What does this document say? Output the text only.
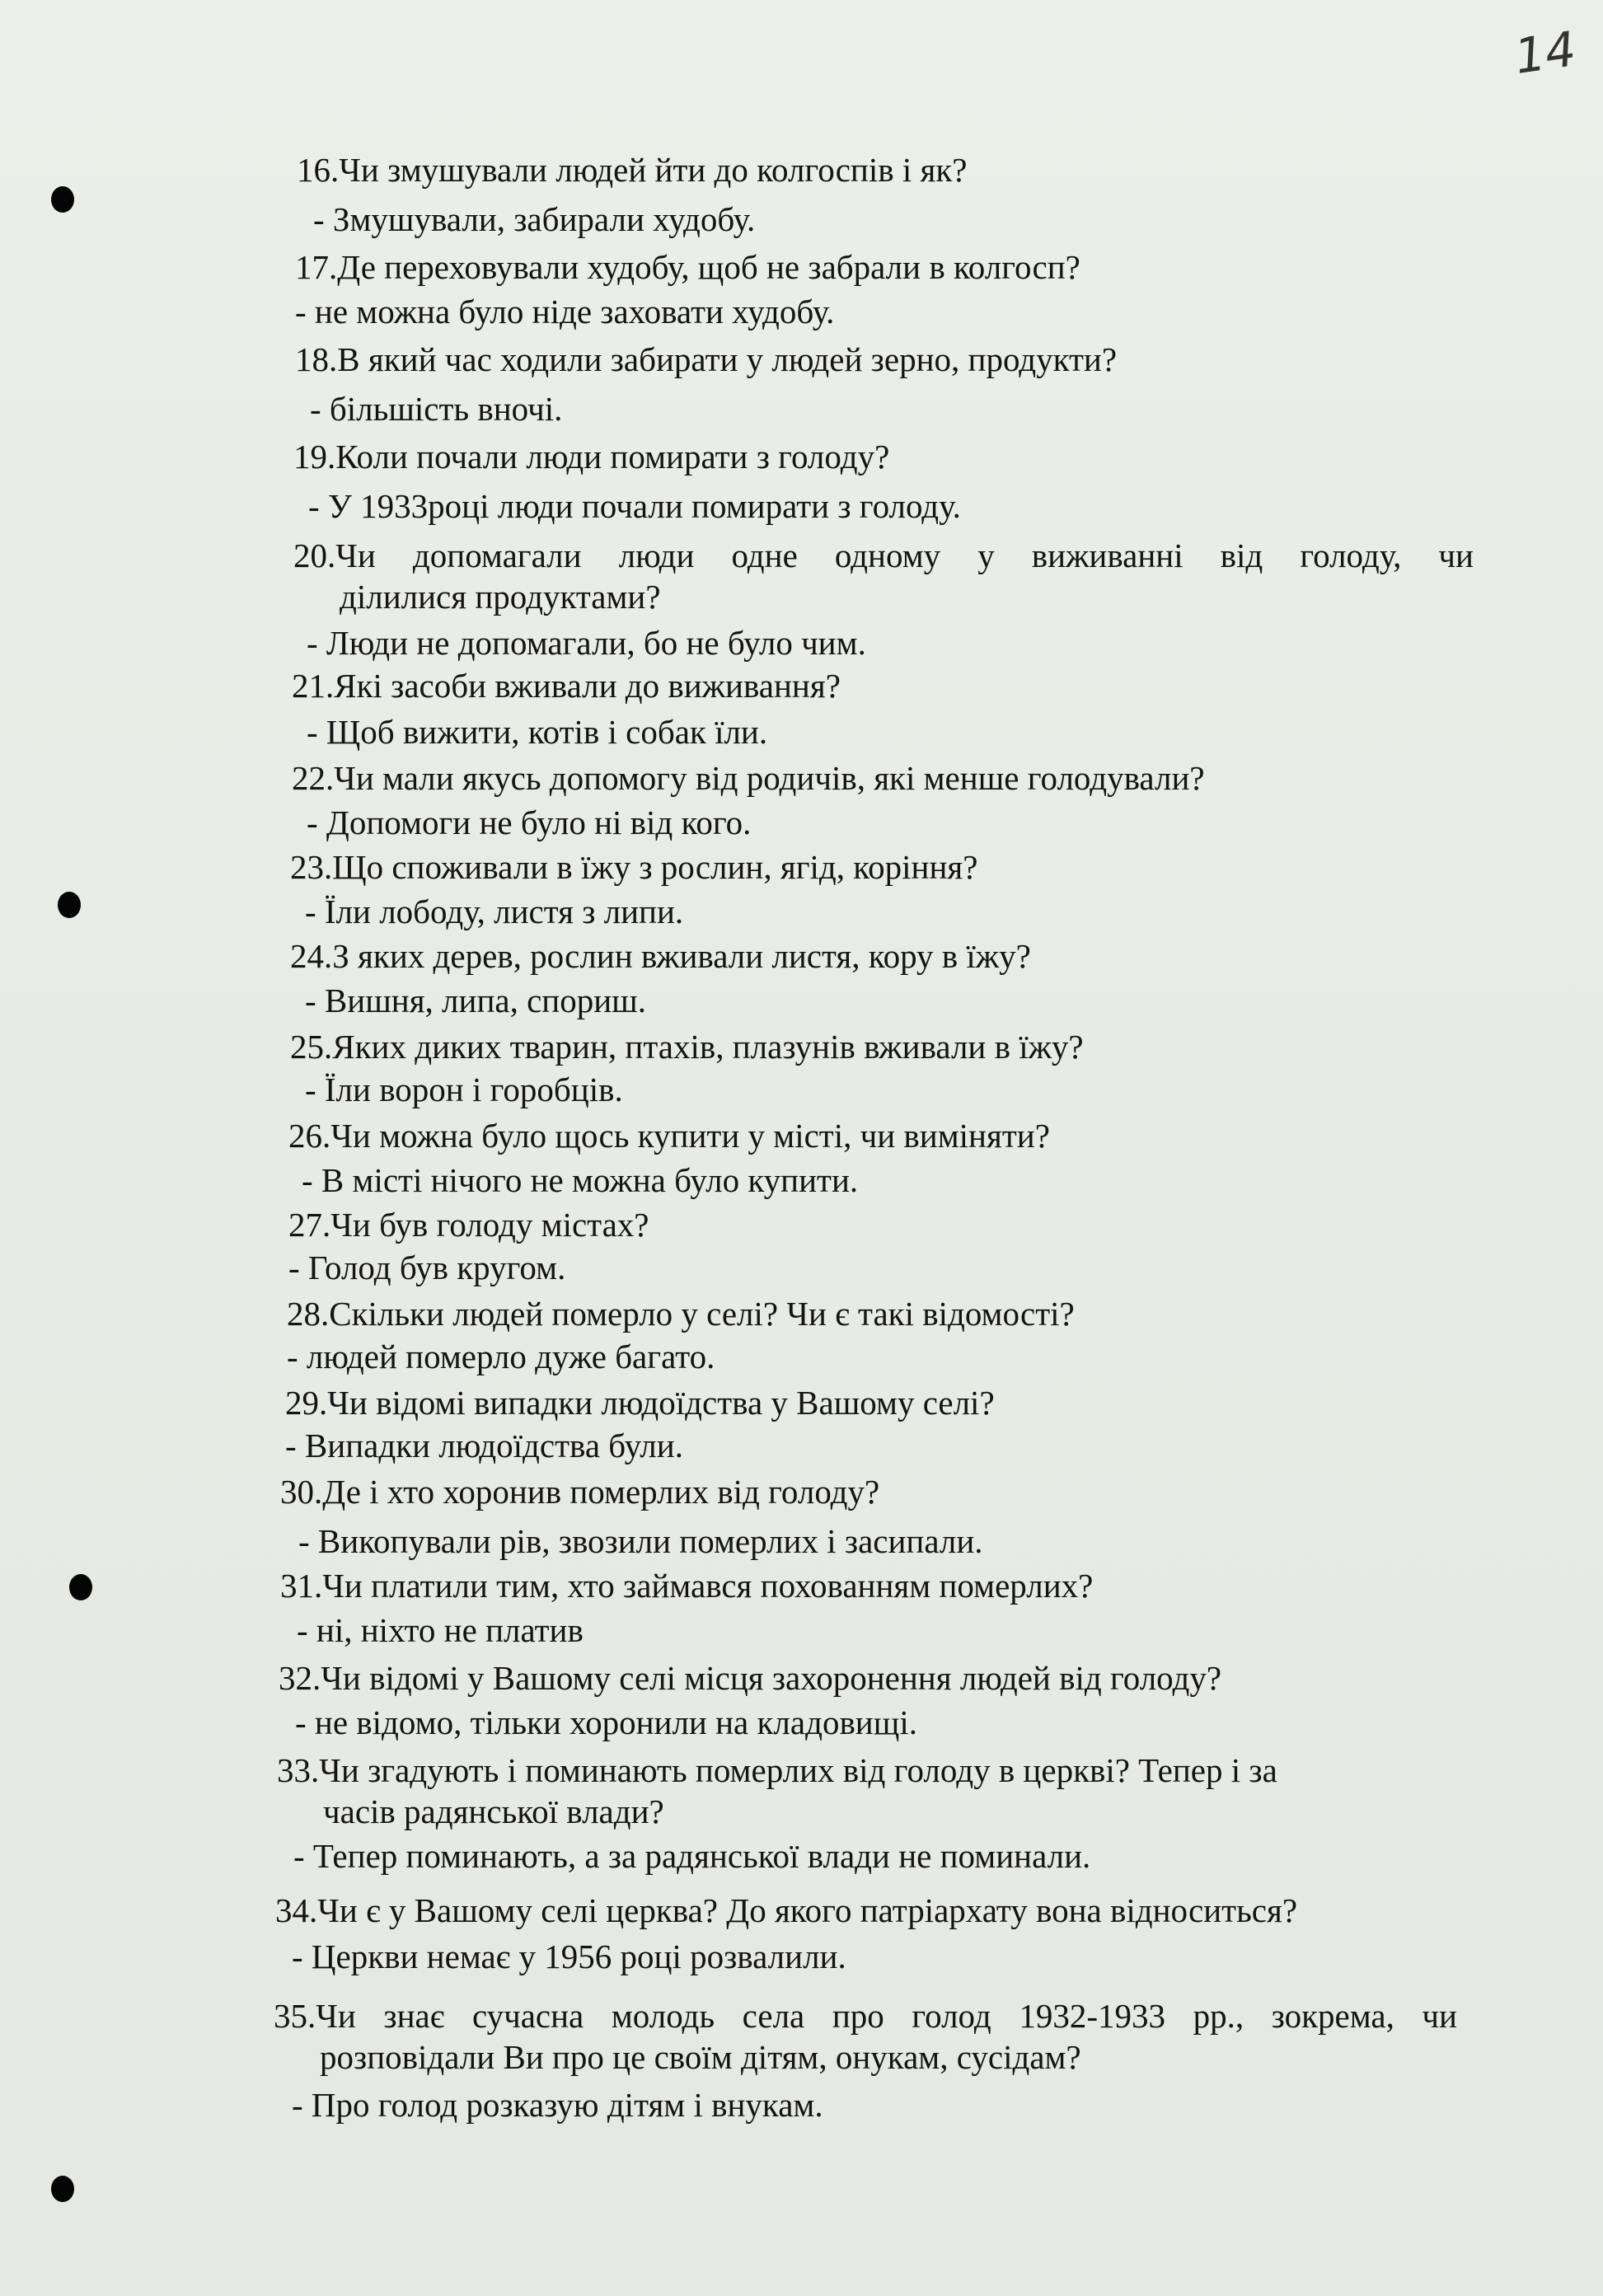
14
16.Чи змушували людей йти до колгоспів і як?
- Змушували, забирали худобу.
17.Де переховували худобу, щоб не забрали в колгосп?
- не можна було ніде заховати худобу.
18.В який час ходили забирати у людей зерно, продукти?
- більшість вночі.
19.Коли почали люди помирати з голоду?
- У 1933році люди почали помирати з голоду.
20.Чи допомагали люди одне одному у виживанні від голоду, чи
дiлилися продуктами?
- Люди не допомагали, бо не було чим.
21.Які засоби вживали до виживання?
- Щоб вижити, котів і собак їли.
22.Чи мали якусь допомогу від родичів, які менше голодували?
- Допомоги не було ні від кого.
23.Що споживали в їжу з рослин, ягід, коріння?
- Їли лободу, листя з липи.
24.З яких дерев, рослин вживали листя, кору в їжу?
- Вишня, липа, спориш.
25.Яких диких тварин, птахів, плазунів вживали в їжу?
- Їли ворон і горобців.
26.Чи можна було щось купити у місті, чи виміняти?
- В місті нічого не можна було купити.
27.Чи був голоду містах?
- Голод був кругом.
28.Скільки людей померло у селі? Чи є такі відомості?
- людей померло дуже багато.
29.Чи відомі випадки людоїдства у Вашому селі?
- Випадки людоїдства були.
30.Де і хто хоронив померлих від голоду?
- Викопували рів, звозили померлих і засипали.
31.Чи платили тим, хто займався похованням померлих?
- ні, ніхто не платив
32.Чи відомі у Вашому селі місця захоронення людей від голоду?
- не відомо, тільки хоронили на кладовищі.
33.Чи згадують і поминають померлих від голоду в церкві? Тепер і за
часів радянської влади?
- Тепер поминають, а за радянської влади не поминали.
34.Чи є у Вашому селі церква? До якого патріархату вона відноситься?
- Церкви немає у 1956 році розвалили.
35.Чи знає сучасна молодь села про голод 1932-1933 рр., зокрема, чи
розповідали Ви про це своїм дітям, онукам, сусідам?
- Про голод розказую дітям і внукам.
